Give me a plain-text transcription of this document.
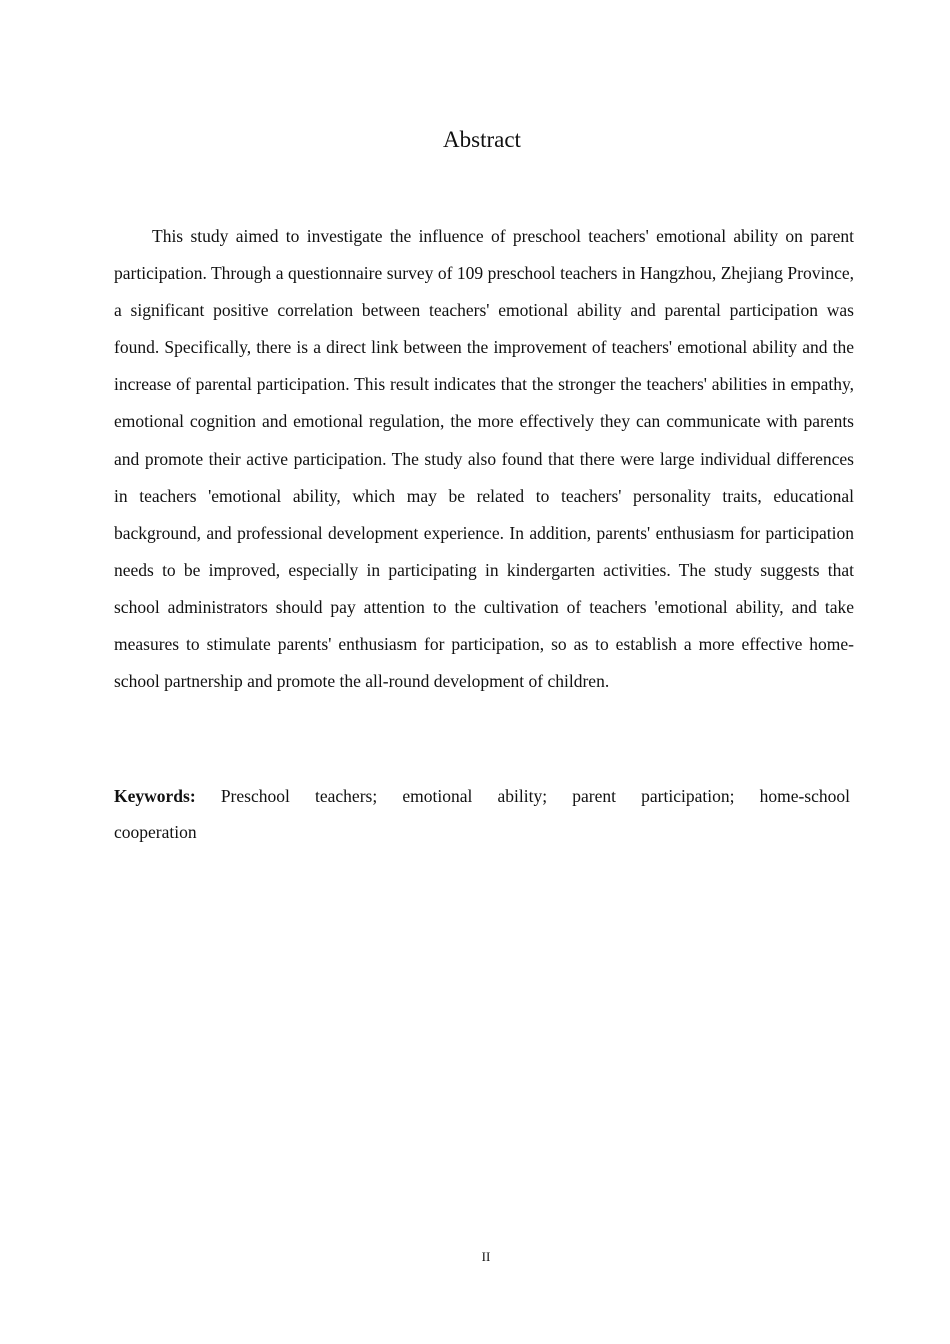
Abstract

This study aimed to investigate the influence of preschool teachers' emotional ability on parent participation. Through a questionnaire survey of 109 preschool teachers in Hangzhou, Zhejiang Province, a significant positive correlation between teachers' emotional ability and parental participation was found. Specifically, there is a direct link between the improvement of teachers' emotional ability and the increase of parental participation. This result indicates that the stronger the teachers' abilities in empathy, emotional cognition and emotional regulation, the more effectively they can communicate with parents and promote their active participation. The study also found that there were large individual differences in teachers 'emotional ability, which may be related to teachers' personality traits, educational background, and professional development experience. In addition, parents' enthusiasm for participation needs to be improved, especially in participating in kindergarten activities. The study suggests that school administrators should pay attention to the cultivation of teachers 'emotional ability, and take measures to stimulate parents' enthusiasm for participation, so as to establish a more effective home-school partnership and promote the all-round development of children.

Keywords: Preschool teachers; emotional ability; parent participation; home-school cooperation

II
